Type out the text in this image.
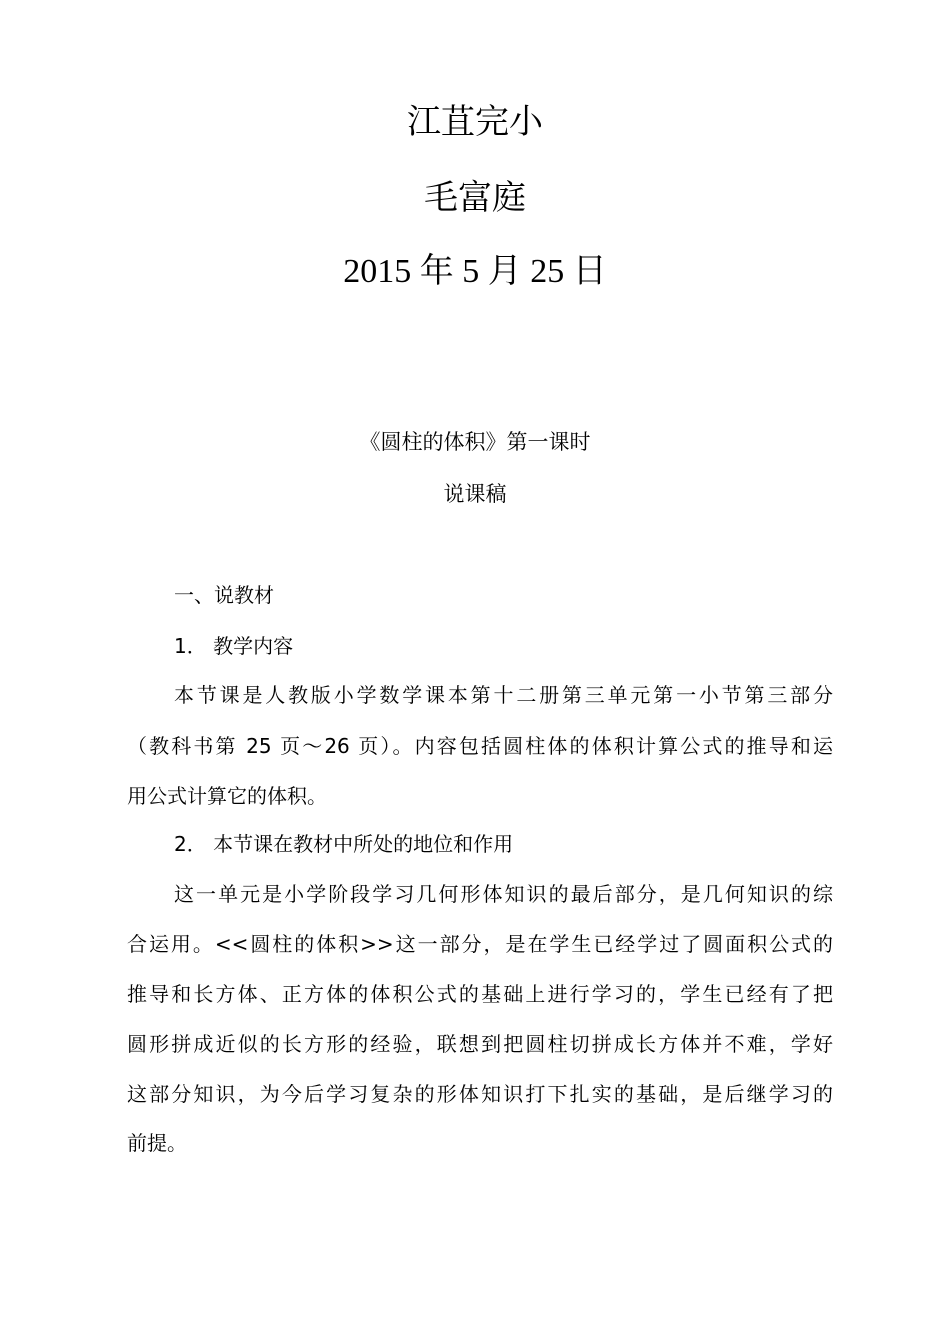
江苴完小
毛富庭
2015 年 5 月 25 日
《圆柱的体积》第一课时
说课稿
一、说教材
1． 教学内容
本节课是人教版小学数学课本第十二册第三单元第一小节第三部分
（教科书第 25 页～26 页）。内容包括圆柱体的体积计算公式的推导和运
用公式计算它的体积。
2． 本节课在教材中所处的地位和作用
这一单元是小学阶段学习几何形体知识的最后部分，是几何知识的综
合运用。<<圆柱的体积>>这一部分，是在学生已经学过了圆面积公式的
推导和长方体、正方体的体积公式的基础上进行学习的，学生已经有了把
圆形拼成近似的长方形的经验，联想到把圆柱切拼成长方体并不难，学好
这部分知识，为今后学习复杂的形体知识打下扎实的基础，是后继学习的
前提。
